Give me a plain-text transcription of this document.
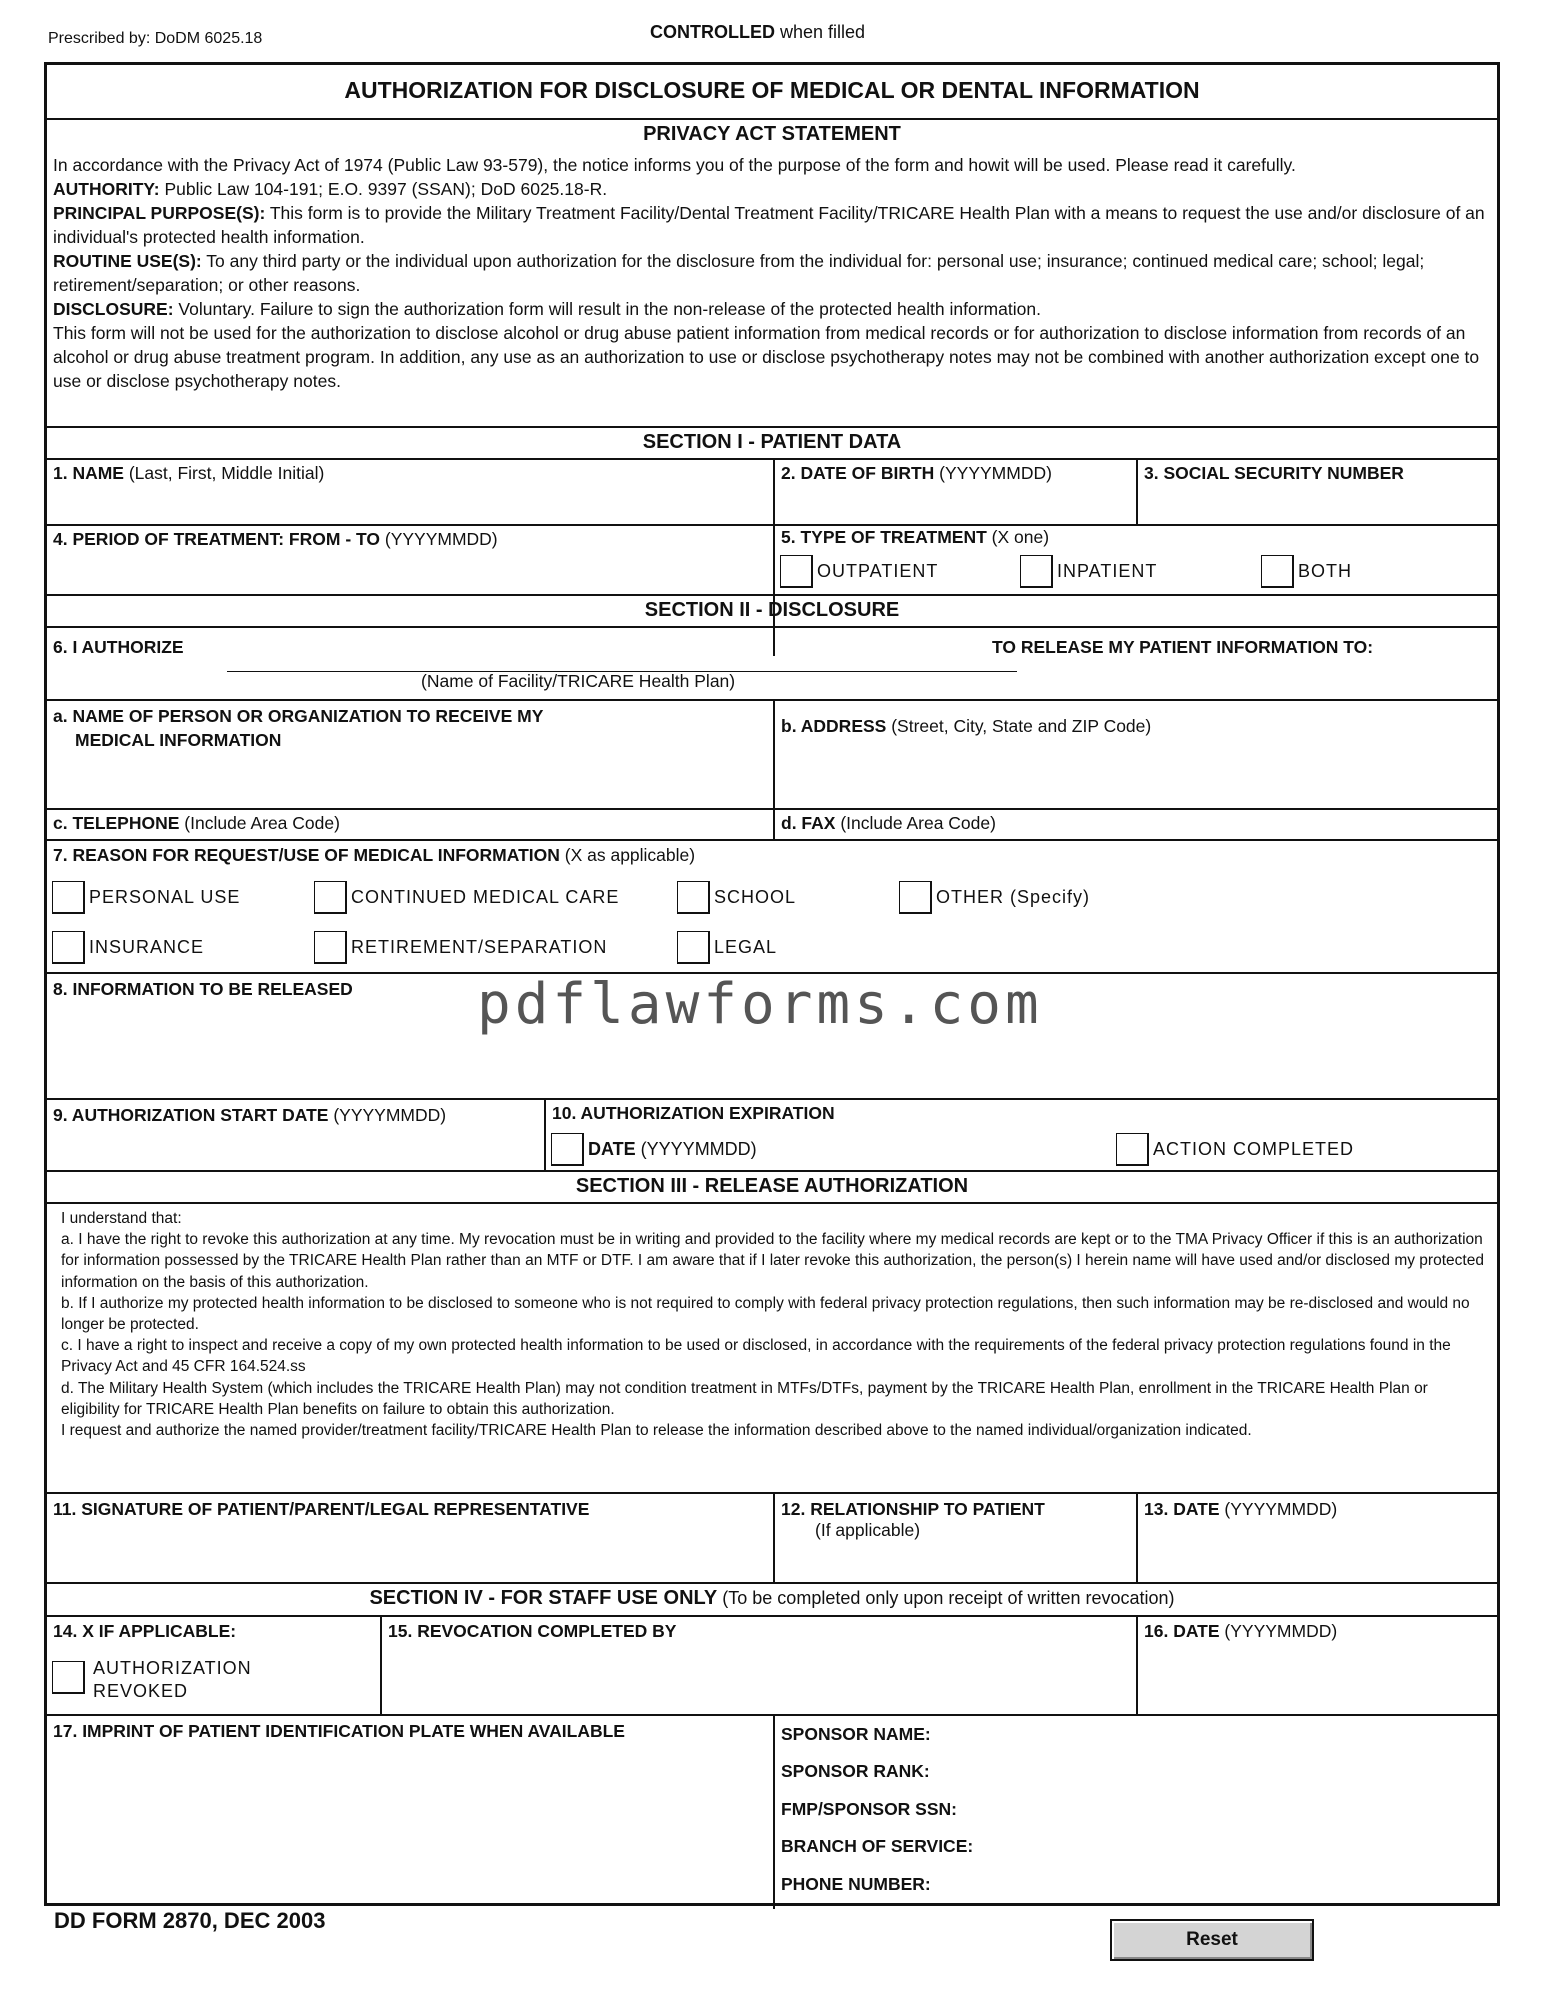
Prescribed by: DoDM 6025.18	CONTROLLED when filled
AUTHORIZATION FOR DISCLOSURE OF MEDICAL OR DENTAL INFORMATION
PRIVACY ACT STATEMENT
In accordance with the Privacy Act of 1974 (Public Law 93-579), the notice informs you of the purpose of the form and howit will be used. Please read it carefully.
AUTHORITY: Public Law 104-191; E.O. 9397 (SSAN); DoD 6025.18-R.
PRINCIPAL PURPOSE(S): This form is to provide the Military Treatment Facility/Dental Treatment Facility/TRICARE Health Plan with a means to request the use and/or disclosure of an individual's protected health information.
ROUTINE USE(S): To any third party or the individual upon authorization for the disclosure from the individual for: personal use; insurance; continued medical care; school; legal; retirement/separation; or other reasons.
DISCLOSURE: Voluntary. Failure to sign the authorization form will result in the non-release of the protected health information.
This form will not be used for the authorization to disclose alcohol or drug abuse patient information from medical records or for authorization to disclose information from records of an alcohol or drug abuse treatment program. In addition, any use as an authorization to use or disclose psychotherapy notes may not be combined with another authorization except one to use or disclose psychotherapy notes.
SECTION I - PATIENT DATA
1. NAME (Last, First, Middle Initial)	2. DATE OF BIRTH (YYYYMMDD)	3. SOCIAL SECURITY NUMBER
4. PERIOD OF TREATMENT: FROM - TO (YYYYMMDD)	5. TYPE OF TREATMENT (X one)
OUTPATIENT	INPATIENT	BOTH
SECTION II - DISCLOSURE
6. I AUTHORIZE	TO RELEASE MY PATIENT INFORMATION TO:
(Name of Facility/TRICARE Health Plan)
a. NAME OF PERSON OR ORGANIZATION TO RECEIVE MY
MEDICAL INFORMATION
b. ADDRESS (Street, City, State and ZIP Code)
c. TELEPHONE (Include Area Code)	d. FAX (Include Area Code)
7. REASON FOR REQUEST/USE OF MEDICAL INFORMATION (X as applicable)
PERSONAL USE	CONTINUED MEDICAL CARE	SCHOOL	OTHER (Specify)
INSURANCE	RETIREMENT/SEPARATION	LEGAL
8. INFORMATION TO BE RELEASED pdflawforms.com
9. AUTHORIZATION START DATE (YYYYMMDD)	10. AUTHORIZATION EXPIRATION
DATE (YYYYMMDD)	ACTION COMPLETED
SECTION III - RELEASE AUTHORIZATION
I understand that:
a. I have the right to revoke this authorization at any time. My revocation must be in writing and provided to the facility where my medical records are kept or to the TMA Privacy Officer if this is an authorization for information possessed by the TRICARE Health Plan rather than an MTF or DTF. I am aware that if I later revoke this authorization, the person(s) I herein name will have used and/or disclosed my protected information on the basis of this authorization.
b. If I authorize my protected health information to be disclosed to someone who is not required to comply with federal privacy protection regulations, then such information may be re-disclosed and would no longer be protected.
c. I have a right to inspect and receive a copy of my own protected health information to be used or disclosed, in accordance with the requirements of the federal privacy protection regulations found in the Privacy Act and 45 CFR 164.524.ss
d. The Military Health System (which includes the TRICARE Health Plan) may not condition treatment in MTFs/DTFs, payment by the TRICARE Health Plan, enrollment in the TRICARE Health Plan or eligibility for TRICARE Health Plan benefits on failure to obtain this authorization.
I request and authorize the named provider/treatment facility/TRICARE Health Plan to release the information described above to the named individual/organization indicated.
11. SIGNATURE OF PATIENT/PARENT/LEGAL REPRESENTATIVE	12. RELATIONSHIP TO PATIENT
(If applicable)
13. DATE (YYYYMMDD)
SECTION IV - FOR STAFF USE ONLY (To be completed only upon receipt of written revocation)
14. X IF APPLICABLE:
AUTHORIZATION
REVOKED
15. REVOCATION COMPLETED BY	16. DATE (YYYYMMDD)
17. IMPRINT OF PATIENT IDENTIFICATION PLATE WHEN AVAILABLE	SPONSOR NAME:
SPONSOR RANK:
FMP/SPONSOR SSN:
BRANCH OF SERVICE:
PHONE NUMBER:
DD FORM 2870, DEC 2003
Reset
